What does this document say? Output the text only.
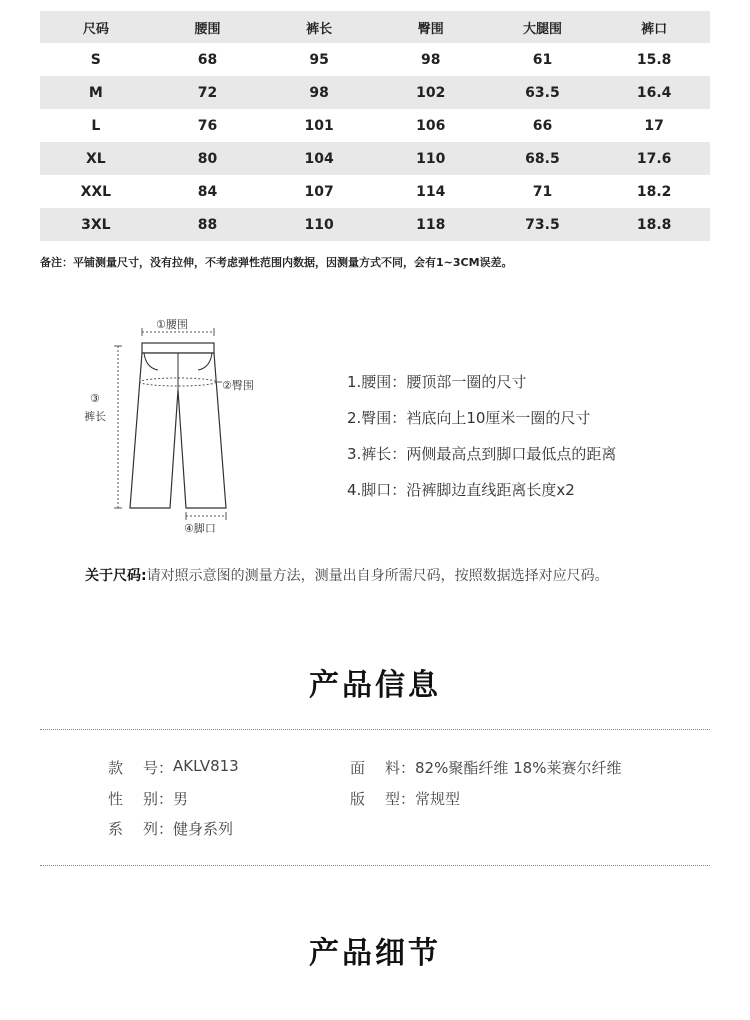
尺码	腰围	裤长	臀围	大腿围	裤口
S	68	95	98	61	15.8
M	72	98	102	63.5	16.4
L	76	101	106	66	17
XL	80	104	110	68.5	17.6
XXL	84	107	114	71	18.2
3XL	88	110	118	73.5	18.8
备注：平铺测量尺寸，没有拉伸，不考虑弹性范围内数据，因测量方式不同，会有1~3CM误差。
①腰围
②臀围
③
裤长
④脚口
1.腰围： 腰顶部一圈的尺寸
2.臀围： 裆底向上10厘米一圈的尺寸
3.裤长： 两侧最高点到脚口最低点的距离
4.脚口： 沿裤脚边直线距离长度x2
关于尺码:请对照示意图的测量方法，测量出自身所需尺码，按照数据选择对应尺码。
产品信息
款 号 ： AKLV813	面 料 ： 82%聚酯纤维 18%莱赛尔纤维
性 别 ： 男	版 型 ： 常规型
系 列 ： 健身系列
产品细节
